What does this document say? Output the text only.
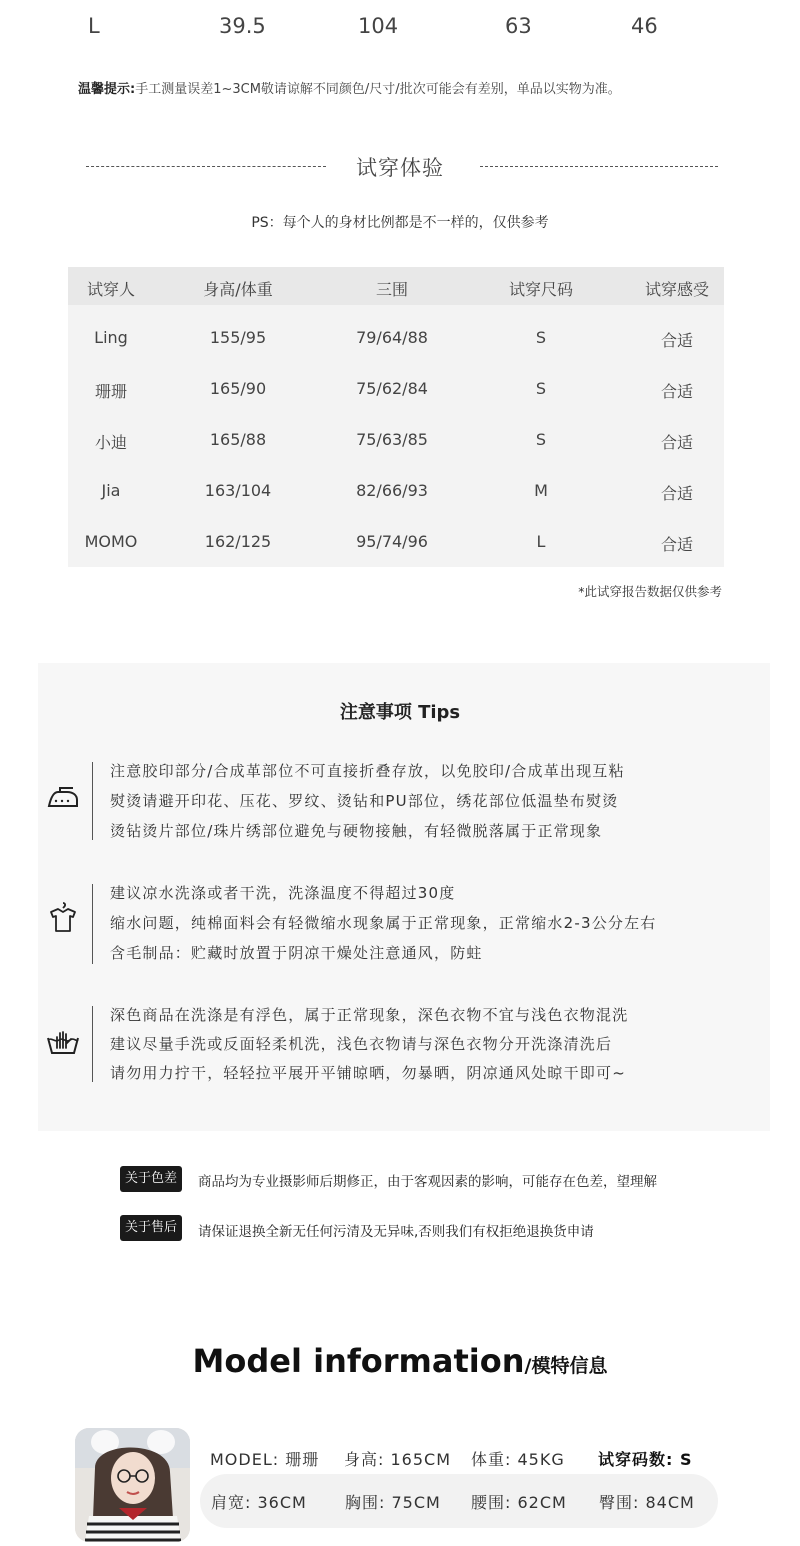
L	39.5	104	63	46
温馨提示:手工测量误差1~3CM敬请谅解不同颜色/尺寸/批次可能会有差别，单品以实物为准。
试穿体验
PS：每个人的身材比例都是不一样的，仅供参考
试穿人	身高/体重	三围	试穿尺码	试穿感受
Ling	155/95	79/64/88	S	合适
珊珊	165/90	75/62/84	S	合适
小迪	165/88	75/63/85	S	合适
Jia	163/104	82/66/93	M	合适
MOMO	162/125	95/74/96	L	合适
*此试穿报告数据仅供参考
注意事项 Tips
注意胶印部分/合成革部位不可直接折叠存放，以免胶印/合成革出现互粘
熨烫请避开印花、压花、罗纹、烫钻和PU部位，绣花部位低温垫布熨烫
烫钻烫片部位/珠片绣部位避免与硬物接触，有轻微脱落属于正常现象
建议凉水洗涤或者干洗，洗涤温度不得超过30度
缩水问题，纯棉面料会有轻微缩水现象属于正常现象，正常缩水2-3公分左右
含毛制品：贮藏时放置于阴凉干燥处注意通风，防蛀
深色商品在洗涤是有浮色，属于正常现象，深色衣物不宜与浅色衣物混洗
建议尽量手洗或反面轻柔机洗，浅色衣物请与深色衣物分开洗涤清洗后
请勿用力拧干，轻轻拉平展开平铺晾晒，勿暴晒，阴凉通风处晾干即可~
关于色差	商品均为专业摄影师后期修正，由于客观因素的影响，可能存在色差，望理解
关于售后	请保证退换全新无任何污清及无异味,否则我们有权拒绝退换货申请
Model information/模特信息
MODEL: 珊珊 身高: 165CM 体重: 45KG 试穿码数: S
肩宽: 36CM 胸围: 75CM 腰围: 62CM 臀围: 84CM
